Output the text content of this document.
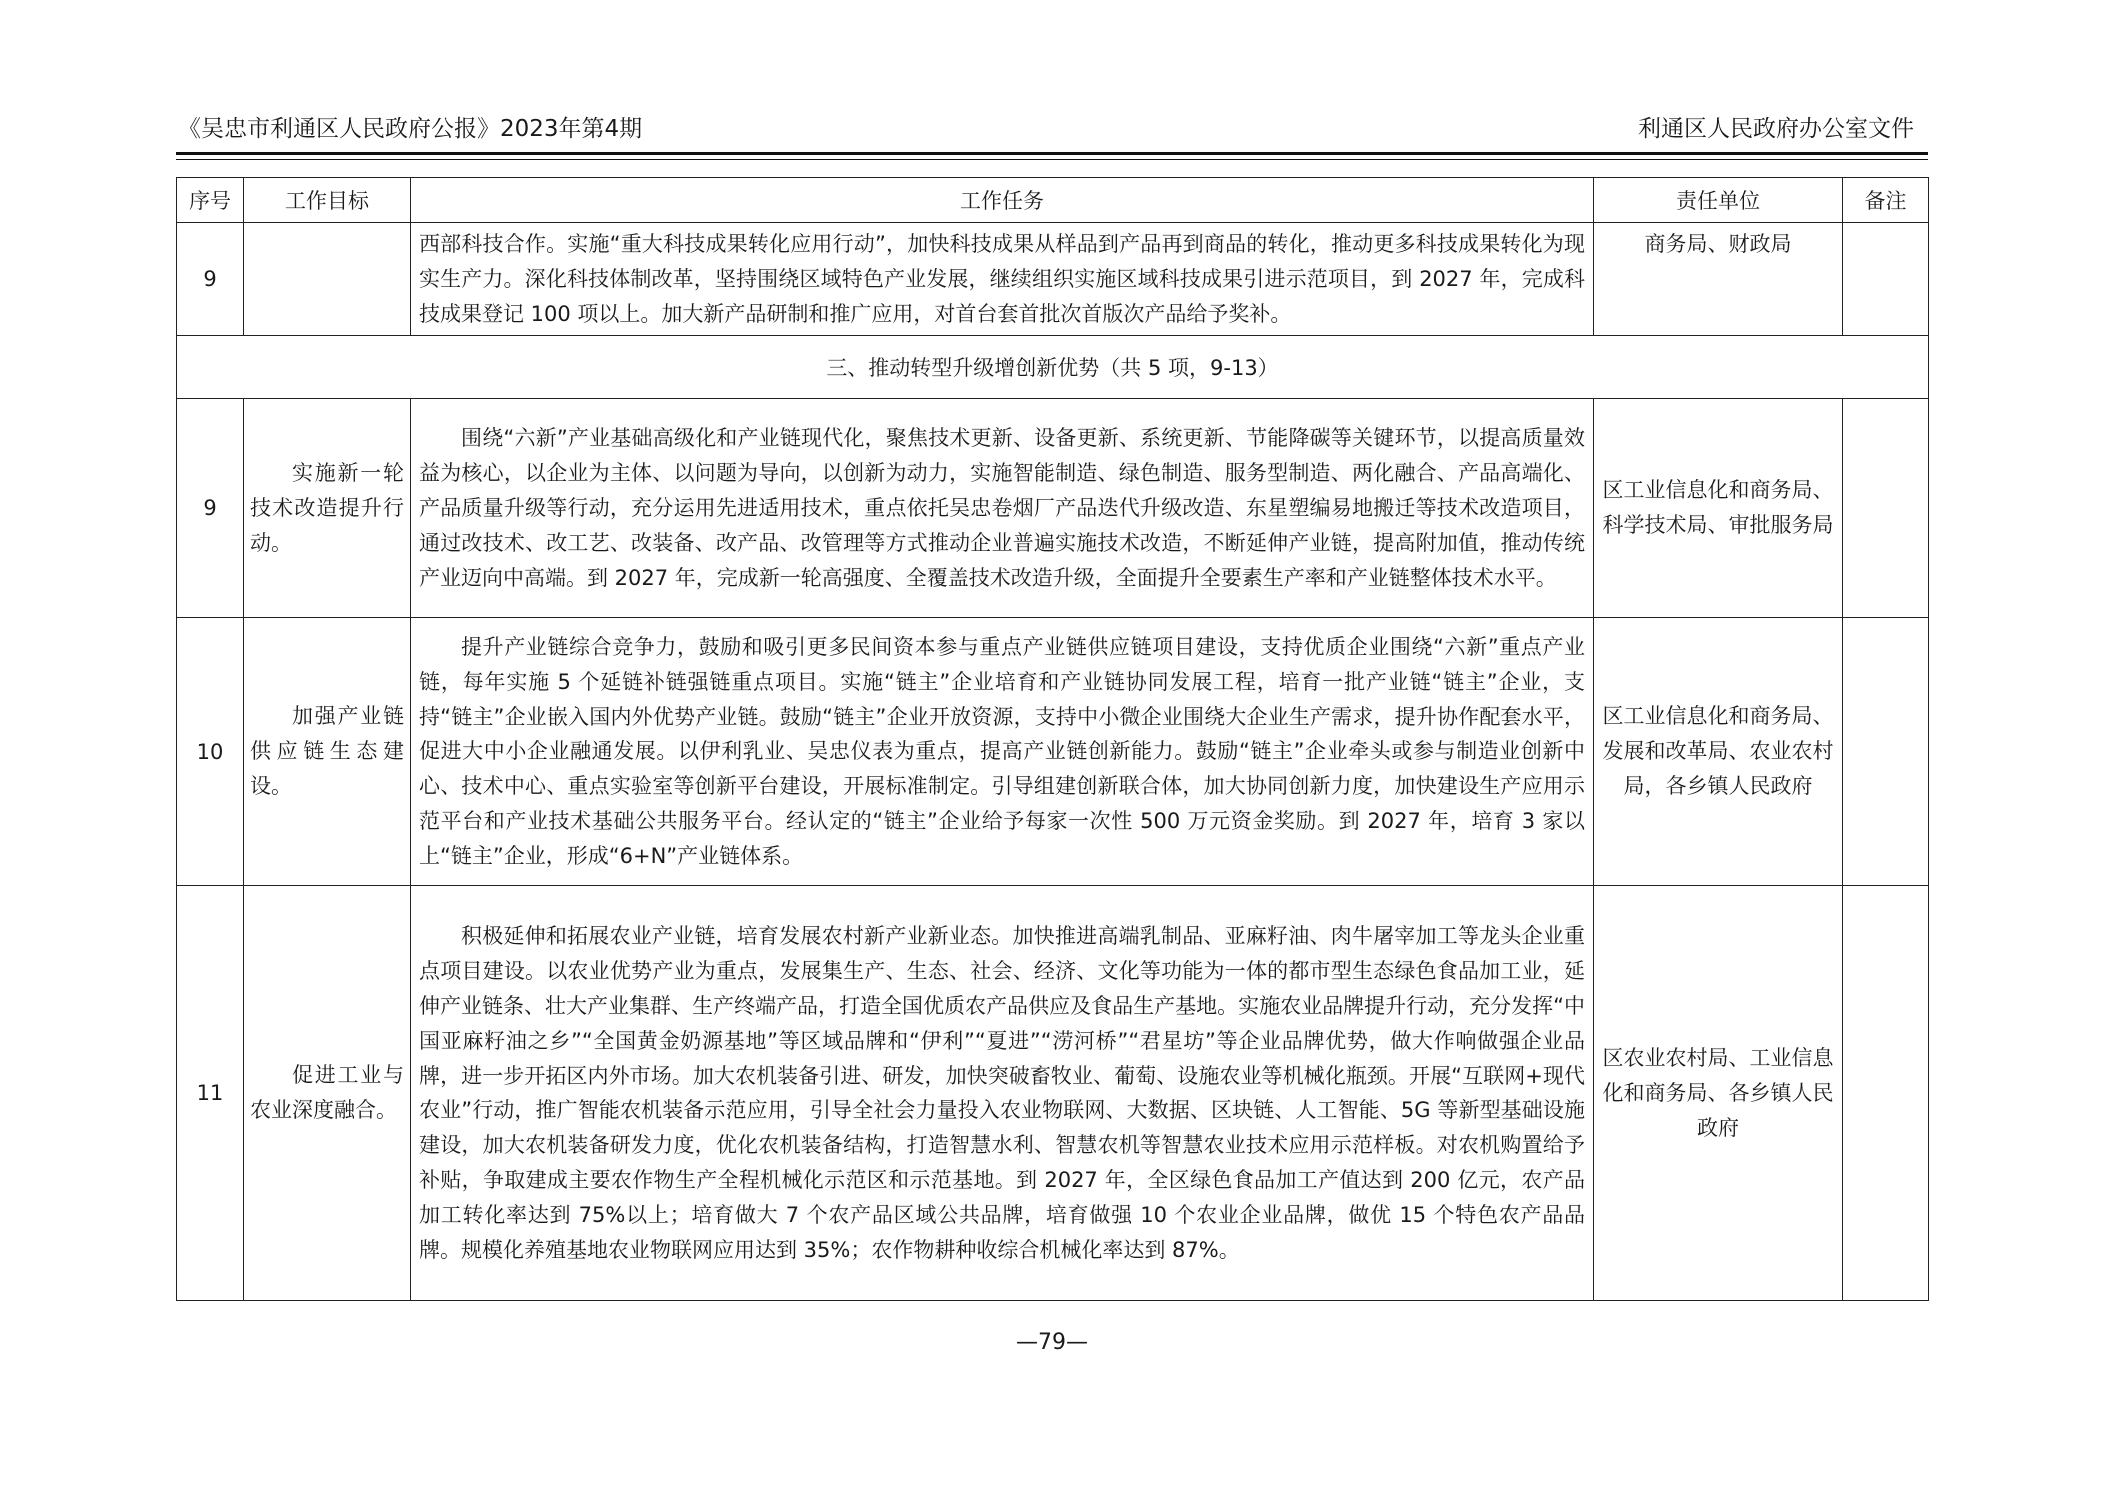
《吴忠市利通区人民政府公报》2023年第4期	利通区人民政府办公室文件
序号	工作目标	工作任务	责任单位	备注
9		西部科技合作。实施“重大科技成果转化应用行动”，加快科技成果从样品到产品再到商品的转化，推动更多科技成果转化为现实生产力。深化科技体制改革，坚持围绕区域特色产业发展，继续组织实施区域科技成果引进示范项目，到 2027 年，完成科技成果登记 100 项以上。加大新产品研制和推广应用，对首台套首批次首版次产品给予奖补。	商务局、财政局	
三、推动转型升级增创新优势（共 5 项，9-13）				
9	实施新一轮技术改造提升行动。	围绕“六新”产业基础高级化和产业链现代化，聚焦技术更新、设备更新、系统更新、节能降碳等关键环节，以提高质量效益为核心，以企业为主体、以问题为导向，以创新为动力，实施智能制造、绿色制造、服务型制造、两化融合、产品高端化、产品质量升级等行动，充分运用先进适用技术，重点依托吴忠卷烟厂产品迭代升级改造、东星塑编易地搬迁等技术改造项目，通过改技术、改工艺、改装备、改产品、改管理等方式推动企业普遍实施技术改造，不断延伸产业链，提高附加值，推动传统产业迈向中高端。到 2027 年，完成新一轮高强度、全覆盖技术改造升级，全面提升全要素生产率和产业链整体技术水平。	区工业信息化和商务局、科学技术局、审批服务局	
10	加强产业链供应链生态建设。	提升产业链综合竞争力，鼓励和吸引更多民间资本参与重点产业链供应链项目建设，支持优质企业围绕“六新”重点产业链，每年实施 5 个延链补链强链重点项目。实施“链主”企业培育和产业链协同发展工程，培育一批产业链“链主”企业，支持“链主”企业嵌入国内外优势产业链。鼓励“链主”企业开放资源，支持中小微企业围绕大企业生产需求，提升协作配套水平，促进大中小企业融通发展。以伊利乳业、吴忠仪表为重点，提高产业链创新能力。鼓励“链主”企业牵头或参与制造业创新中心、技术中心、重点实验室等创新平台建设，开展标准制定。引导组建创新联合体，加大协同创新力度，加快建设生产应用示范平台和产业技术基础公共服务平台。经认定的“链主”企业给予每家一次性 500 万元资金奖励。到 2027 年，培育 3 家以上“链主”企业，形成“6+N”产业链体系。	区工业信息化和商务局、发展和改革局、农业农村局，各乡镇人民政府	
11	促进工业与农业深度融合。	积极延伸和拓展农业产业链，培育发展农村新产业新业态。加快推进高端乳制品、亚麻籽油、肉牛屠宰加工等龙头企业重点项目建设。以农业优势产业为重点，发展集生产、生态、社会、经济、文化等功能为一体的都市型生态绿色食品加工业，延伸产业链条、壮大产业集群、生产终端产品，打造全国优质农产品供应及食品生产基地。实施农业品牌提升行动，充分发挥“中国亚麻籽油之乡”“全国黄金奶源基地”等区域品牌和“伊利”“夏进”“涝河桥”“君星坊”等企业品牌优势，做大作响做强企业品牌，进一步开拓区内外市场。加大农机装备引进、研发，加快突破畜牧业、葡萄、设施农业等机械化瓶颈。开展“互联网+现代农业”行动，推广智能农机装备示范应用，引导全社会力量投入农业物联网、大数据、区块链、人工智能、5G 等新型基础设施建设，加大农机装备研发力度，优化农机装备结构，打造智慧水利、智慧农机等智慧农业技术应用示范样板。对农机购置给予补贴，争取建成主要农作物生产全程机械化示范区和示范基地。到 2027 年，全区绿色食品加工产值达到 200 亿元，农产品加工转化率达到 75%以上；培育做大 7 个农产品区域公共品牌，培育做强 10 个农业企业品牌，做优 15 个特色农产品品牌。规模化养殖基地农业物联网应用达到 35%；农作物耕种收综合机械化率达到 87%。	区农业农村局、工业信息化和商务局、各乡镇人民政府	
—79—
